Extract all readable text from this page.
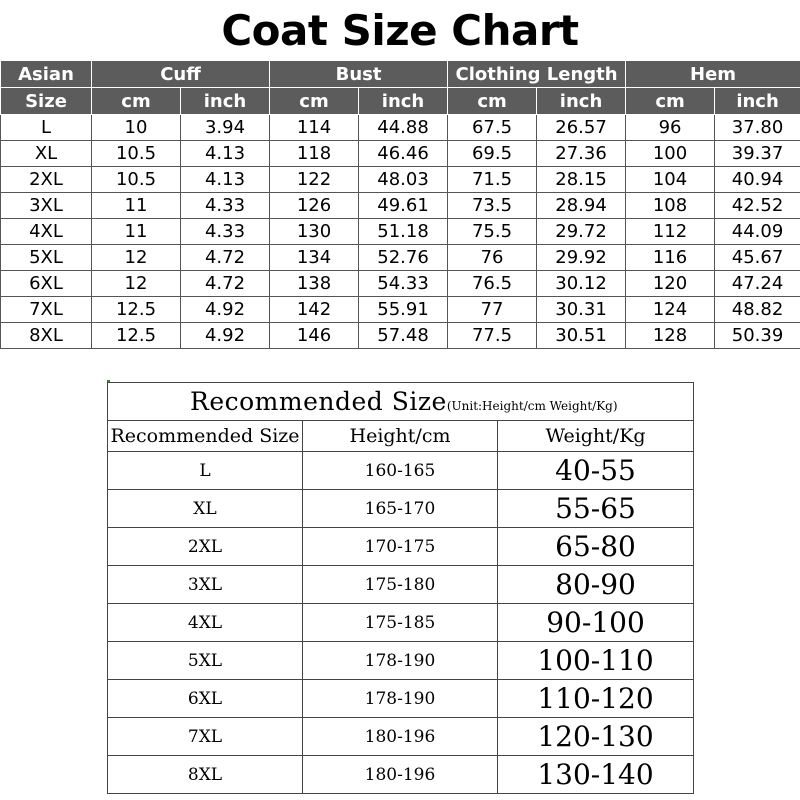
Coat Size Chart
Asian	Cuff		Bust		Clothing Length		Hem	
Size	cm	inch	cm	inch	cm	inch	cm	inch
L	10	3.94	114	44.88	67.5	26.57	96	37.80
XL	10.5	4.13	118	46.46	69.5	27.36	100	39.37
2XL	10.5	4.13	122	48.03	71.5	28.15	104	40.94
3XL	11	4.33	126	49.61	73.5	28.94	108	42.52
4XL	11	4.33	130	51.18	75.5	29.72	112	44.09
5XL	12	4.72	134	52.76	76	29.92	116	45.67
6XL	12	4.72	138	54.33	76.5	30.12	120	47.24
7XL	12.5	4.92	142	55.91	77	30.31	124	48.82
8XL	12.5	4.92	146	57.48	77.5	30.51	128	50.39
Recommended Size(Unit:Height/cm Weight/Kg)		
Recommended Size	Height/cm	Weight/Kg
L	160-165	40-55
XL	165-170	55-65
2XL	170-175	65-80
3XL	175-180	80-90
4XL	175-185	90-100
5XL	178-190	100-110
6XL	178-190	110-120
7XL	180-196	120-130
8XL	180-196	130-140
